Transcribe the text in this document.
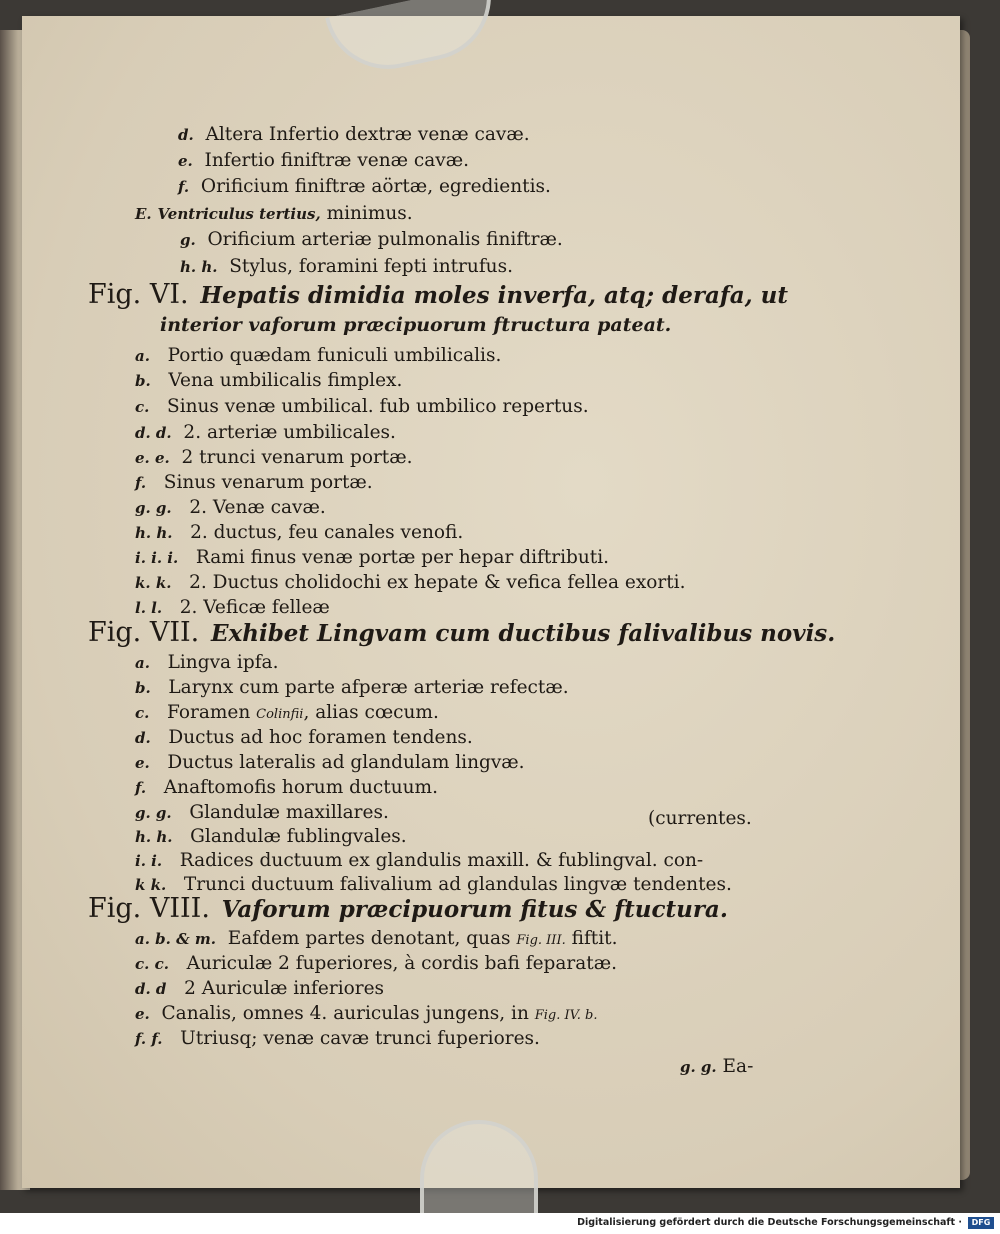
d. Altera Infertio dextræ venæ cavæ.
e. Infertio finiftræ venæ cavæ.
f. Orificium finiftræ aörtæ, egredientis.
E. Ventriculus tertius, minimus.
g. Orificium arteriæ pulmonalis finiftræ.
h. h. Stylus, foramini fepti intrufus.
Fig. VI. Hepatis dimidia moles inverfa, atq; derafa, ut
interior vaforum præcipuorum ftructura pateat.
a. Portio quædam funiculi umbilicalis.
b. Vena umbilicalis fimplex.
c. Sinus venæ umbilical. fub umbilico repertus.
d. d. 2. arteriæ umbilicales.
e. e. 2 trunci venarum portæ.
f. Sinus venarum portæ.
g. g. 2. Venæ cavæ.
h. h. 2. ductus, feu canales venofi.
i. i. i. Rami finus venæ portæ per hepar diftributi.
k. k. 2. Ductus cholidochi ex hepate & vefica fellea exorti.
l. l. 2. Veficæ felleæ
Fig. VII. Exhibet Lingvam cum ductibus falivalibus novis.
a. Lingva ipfa.
b. Larynx cum parte afperæ arteriæ refectæ.
c. Foramen Colinfii, alias cœcum.
d. Ductus ad hoc foramen tendens.
e. Ductus lateralis ad glandulam lingvæ.
f. Anaftomofis horum ductuum.
g. g. Glandulæ maxillares.	(currentes.
h. h. Glandulæ fublingvales.
i. i. Radices ductuum ex glandulis maxill. & fublingval. con-
k k. Trunci ductuum falivalium ad glandulas lingvæ tendentes.
Fig. VIII. Vaforum præcipuorum fitus & ftuctura.
a. b. & m. Eafdem partes denotant, quas Fig. III. fiftit.
c. c. Auriculæ 2 fuperiores, à cordis bafi feparatæ.
d. d 2 Auriculæ inferiores
e. Canalis, omnes 4. auriculas jungens, in Fig. IV. b.
f. f. Utriusq; venæ cavæ trunci fuperiores.
g. g. Ea-
Digitalisierung gefördert durch die Deutsche Forschungsgemeinschaft ·	DFG
